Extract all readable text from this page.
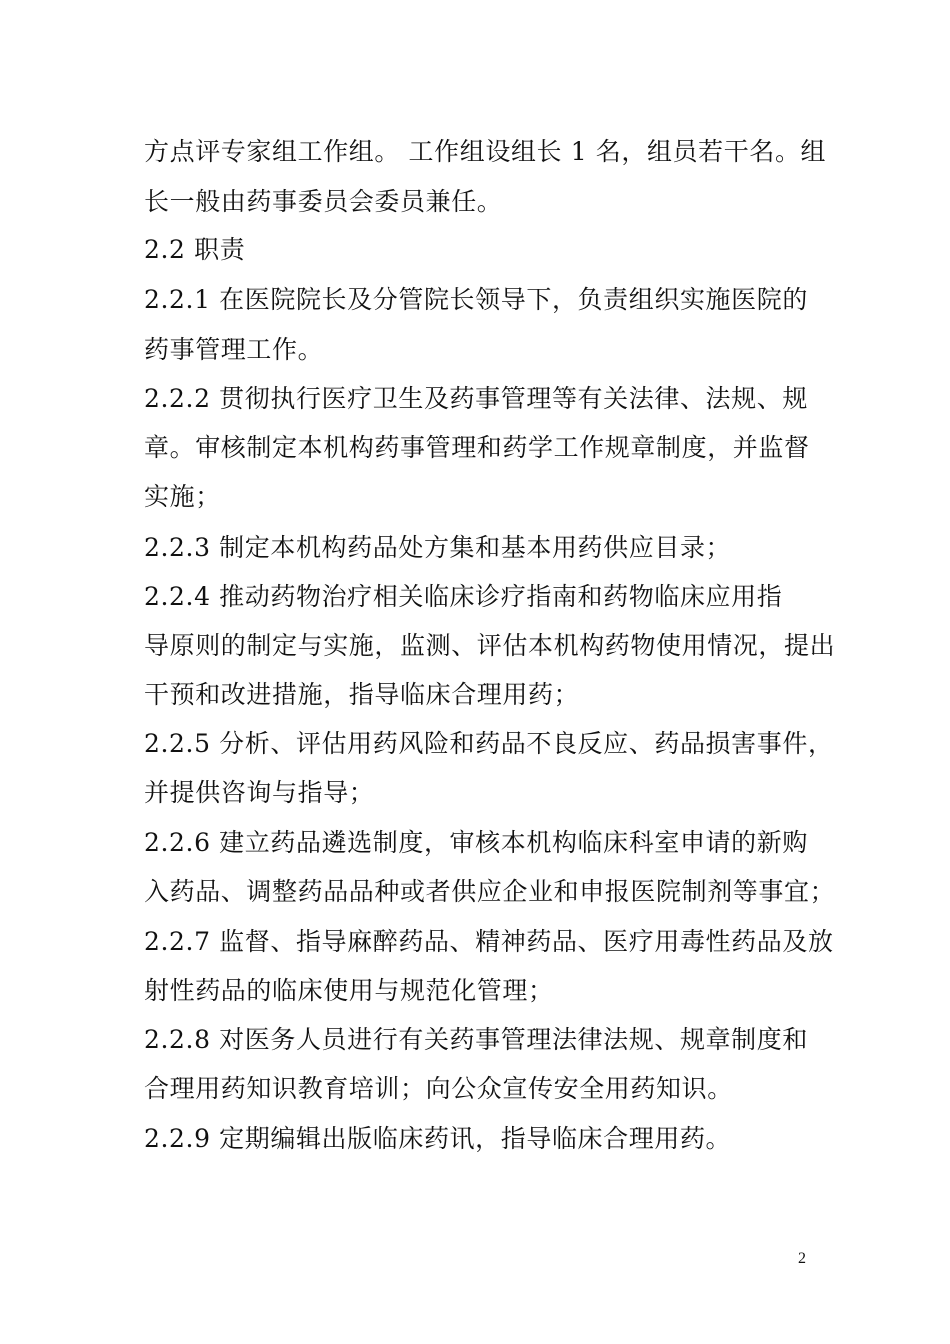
方点评专家组工作组。 工作组设组长 1 名，组员若干名。组
长一般由药事委员会委员兼任。
2.2 职责
2.2.1 在医院院长及分管院长领导下，负责组织实施医院的
药事管理工作。
2.2.2 贯彻执行医疗卫生及药事管理等有关法律、法规、规
章。审核制定本机构药事管理和药学工作规章制度，并监督
实施；
2.2.3 制定本机构药品处方集和基本用药供应目录；
2.2.4 推动药物治疗相关临床诊疗指南和药物临床应用指
导原则的制定与实施，监测、评估本机构药物使用情况，提出
干预和改进措施，指导临床合理用药；
2.2.5 分析、评估用药风险和药品不良反应、药品损害事件，
并提供咨询与指导；
2.2.6 建立药品遴选制度，审核本机构临床科室申请的新购
入药品、调整药品品种或者供应企业和申报医院制剂等事宜；
2.2.7 监督、指导麻醉药品、精神药品、医疗用毒性药品及放
射性药品的临床使用与规范化管理；
2.2.8 对医务人员进行有关药事管理法律法规、规章制度和
合理用药知识教育培训；向公众宣传安全用药知识。
2.2.9 定期编辑出版临床药讯，指导临床合理用药。
2
